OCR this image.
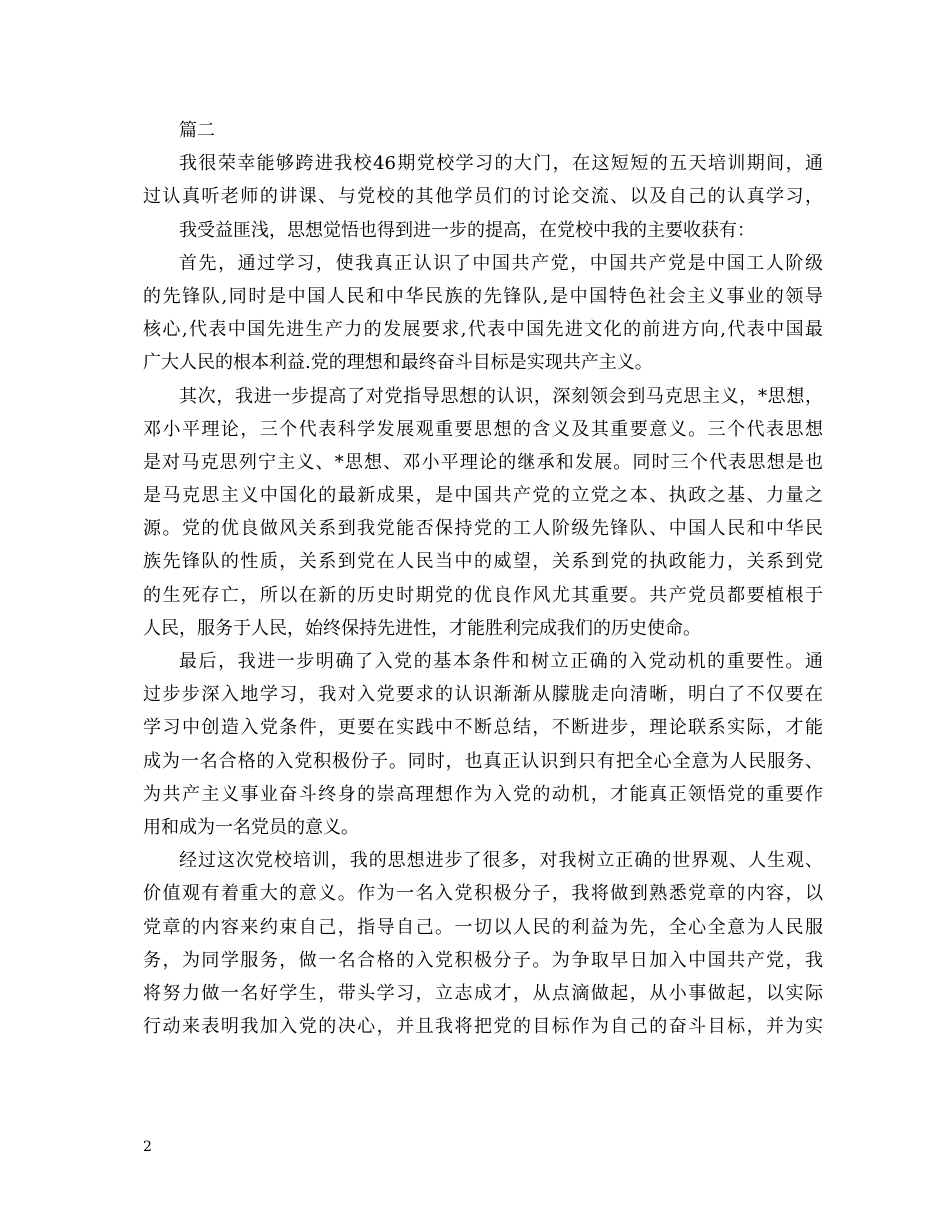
篇二
我很荣幸能够跨进我校46期党校学习的大门，在这短短的五天培训期间，通
过认真听老师的讲课、与党校的其他学员们的讨论交流、以及自己的认真学习，
我受益匪浅，思想觉悟也得到进一步的提高，在党校中我的主要收获有：
首先，通过学习，使我真正认识了中国共产党，中国共产党是中国工人阶级
的先锋队,同时是中国人民和中华民族的先锋队,是中国特色社会主义事业的领导
核心,代表中国先进生产力的发展要求,代表中国先进文化的前进方向,代表中国最
广大人民的根本利益.党的理想和最终奋斗目标是实现共产主义。
其次，我进一步提高了对党指导思想的认识，深刻领会到马克思主义，*思想，
邓小平理论，三个代表科学发展观重要思想的含义及其重要意义。三个代表思想
是对马克思列宁主义、*思想、邓小平理论的继承和发展。同时三个代表思想是也
是马克思主义中国化的最新成果，是中国共产党的立党之本、执政之基、力量之
源。党的优良做风关系到我党能否保持党的工人阶级先锋队、中国人民和中华民
族先锋队的性质，关系到党在人民当中的威望，关系到党的执政能力，关系到党
的生死存亡，所以在新的历史时期党的优良作风尤其重要。共产党员都要植根于
人民，服务于人民，始终保持先进性，才能胜利完成我们的历史使命。
最后，我进一步明确了入党的基本条件和树立正确的入党动机的重要性。通
过步步深入地学习，我对入党要求的认识渐渐从朦胧走向清晰，明白了不仅要在
学习中创造入党条件，更要在实践中不断总结，不断进步，理论联系实际，才能
成为一名合格的入党积极份子。同时，也真正认识到只有把全心全意为人民服务、
为共产主义事业奋斗终身的崇高理想作为入党的动机，才能真正领悟党的重要作
用和成为一名党员的意义。
经过这次党校培训，我的思想进步了很多，对我树立正确的世界观、人生观、
价值观有着重大的意义。作为一名入党积极分子，我将做到熟悉党章的内容，以
党章的内容来约束自己，指导自己。一切以人民的利益为先，全心全意为人民服
务，为同学服务，做一名合格的入党积极分子。为争取早日加入中国共产党，我
将努力做一名好学生，带头学习，立志成才，从点滴做起，从小事做起，以实际
行动来表明我加入党的决心，并且我将把党的目标作为自己的奋斗目标，并为实
2
